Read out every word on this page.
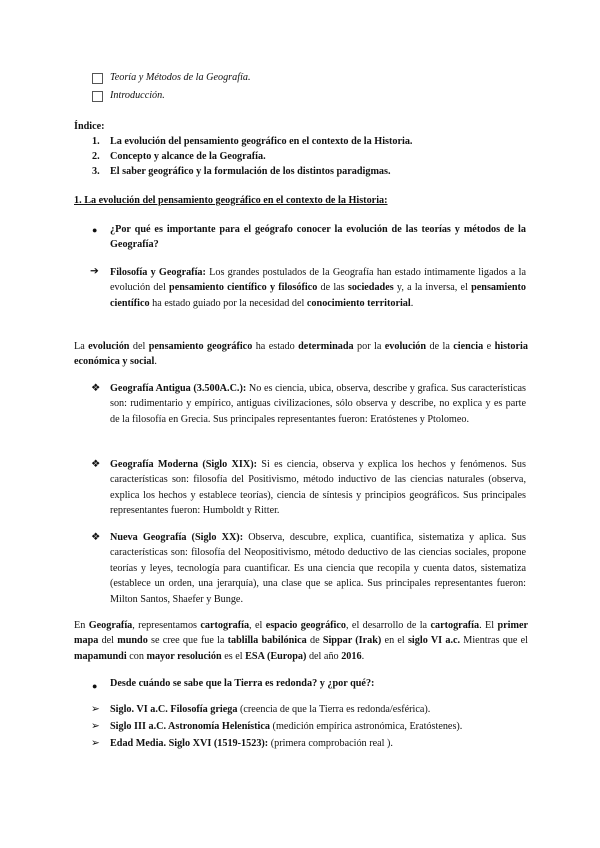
Teoría y Métodos de la Geografía.
Introducción.
Índice:
1. La evolución del pensamiento geográfico en el contexto de la Historia.
2. Concepto y alcance de la Geografía.
3. El saber geográfico y la formulación de los distintos paradigmas.
1. La evolución del pensamiento geográfico en el contexto de la Historia:
● ¿Por qué es importante para el geógrafo conocer la evolución de las teorías y métodos de la Geografía?
➔ Filosofía y Geografía: Los grandes postulados de la Geografía han estado íntimamente ligados a la evolución del pensamiento científico y filosófico de las sociedades y, a la inversa, el pensamiento científico ha estado guiado por la necesidad del conocimiento territorial.
La evolución del pensamiento geográfico ha estado determinada por la evolución de la ciencia e historia económica y social.
❖ Geografía Antigua (3.500A.C.): No es ciencia, ubica, observa, describe y grafica. Sus características son: rudimentario y empírico, antiguas civilizaciones, sólo observa y describe, no explica y es parte de la filosofía en Grecia. Sus principales representantes fueron: Eratóstenes y Ptolomeo.
❖ Geografía Moderna (Siglo XIX): Si es ciencia, observa y explica los hechos y fenómenos. Sus características son: filosofía del Positivismo, método inductivo de las ciencias naturales (observa, explica los hechos y establece teorías), ciencia de síntesis y principios geográficos. Sus principales representantes fueron: Humboldt y Ritter.
❖ Nueva Geografía (Siglo XX): Observa, descubre, explica, cuantifica, sistematiza y aplica. Sus características son: filosofía del Neopositivismo, método deductivo de las ciencias sociales, propone teorías y leyes, tecnología para cuantificar. Es una ciencia que recopila y cuenta datos, sistematiza (establece un orden, una jerarquía), una clase que se aplica. Sus principales representantes fueron: Milton Santos, Shaefer y Bunge.
En Geografía, representamos cartografía, el espacio geográfico, el desarrollo de la cartografía. El primer mapa del mundo se cree que fue la tablilla babilónica de Sippar (Irak) en el siglo VI a.c. Mientras que el mapamundi con mayor resolución es el ESA (Europa) del año 2016.
● Desde cuándo se sabe que la Tierra es redonda? y ¿por qué?:
➢ Siglo. VI a.C. Filosofía griega (creencia de que la Tierra es redonda/esférica).
➢ Siglo III a.C. Astronomía Helenística (medición empírica astronómica, Eratóstenes).
➢ Edad Media. Siglo XVI (1519-1523): (primera comprobación real ).
